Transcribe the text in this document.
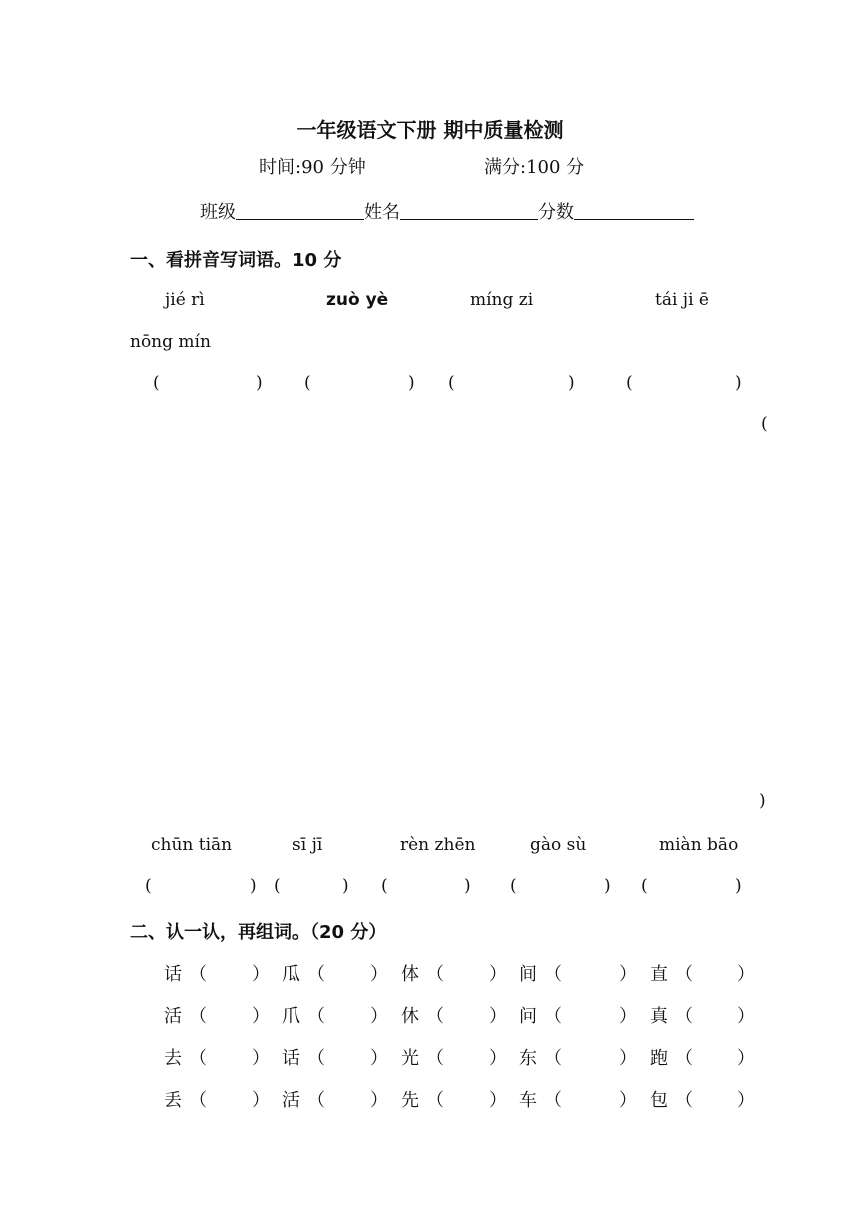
一年级语文下册 期中质量检测
时间:90 分钟	满分:100 分
班级	姓名	分数
一、看拼音写词语。10 分
jié rì	zuò yè	míng zi	tái ji ē
nōng mín
(	) (	) (	)	(	)
(
)
chūn tiān	sī jī	rèn zhēn	gào sù	miàn bāo
(	) (	) (	) (	) (	)
二、认一认，再组词。（20 分）
话 （	） 瓜 （	） 体 （	） 间 （	） 直 （ ）
活 （	） 爪 （	） 休 （	） 问 （	） 真 （ ）
去 （	） 话 （	） 光 （	） 东 （	） 跑 （ ）
丢 （	） 活 （	） 先 （	） 车 （	） 包 （ ）
